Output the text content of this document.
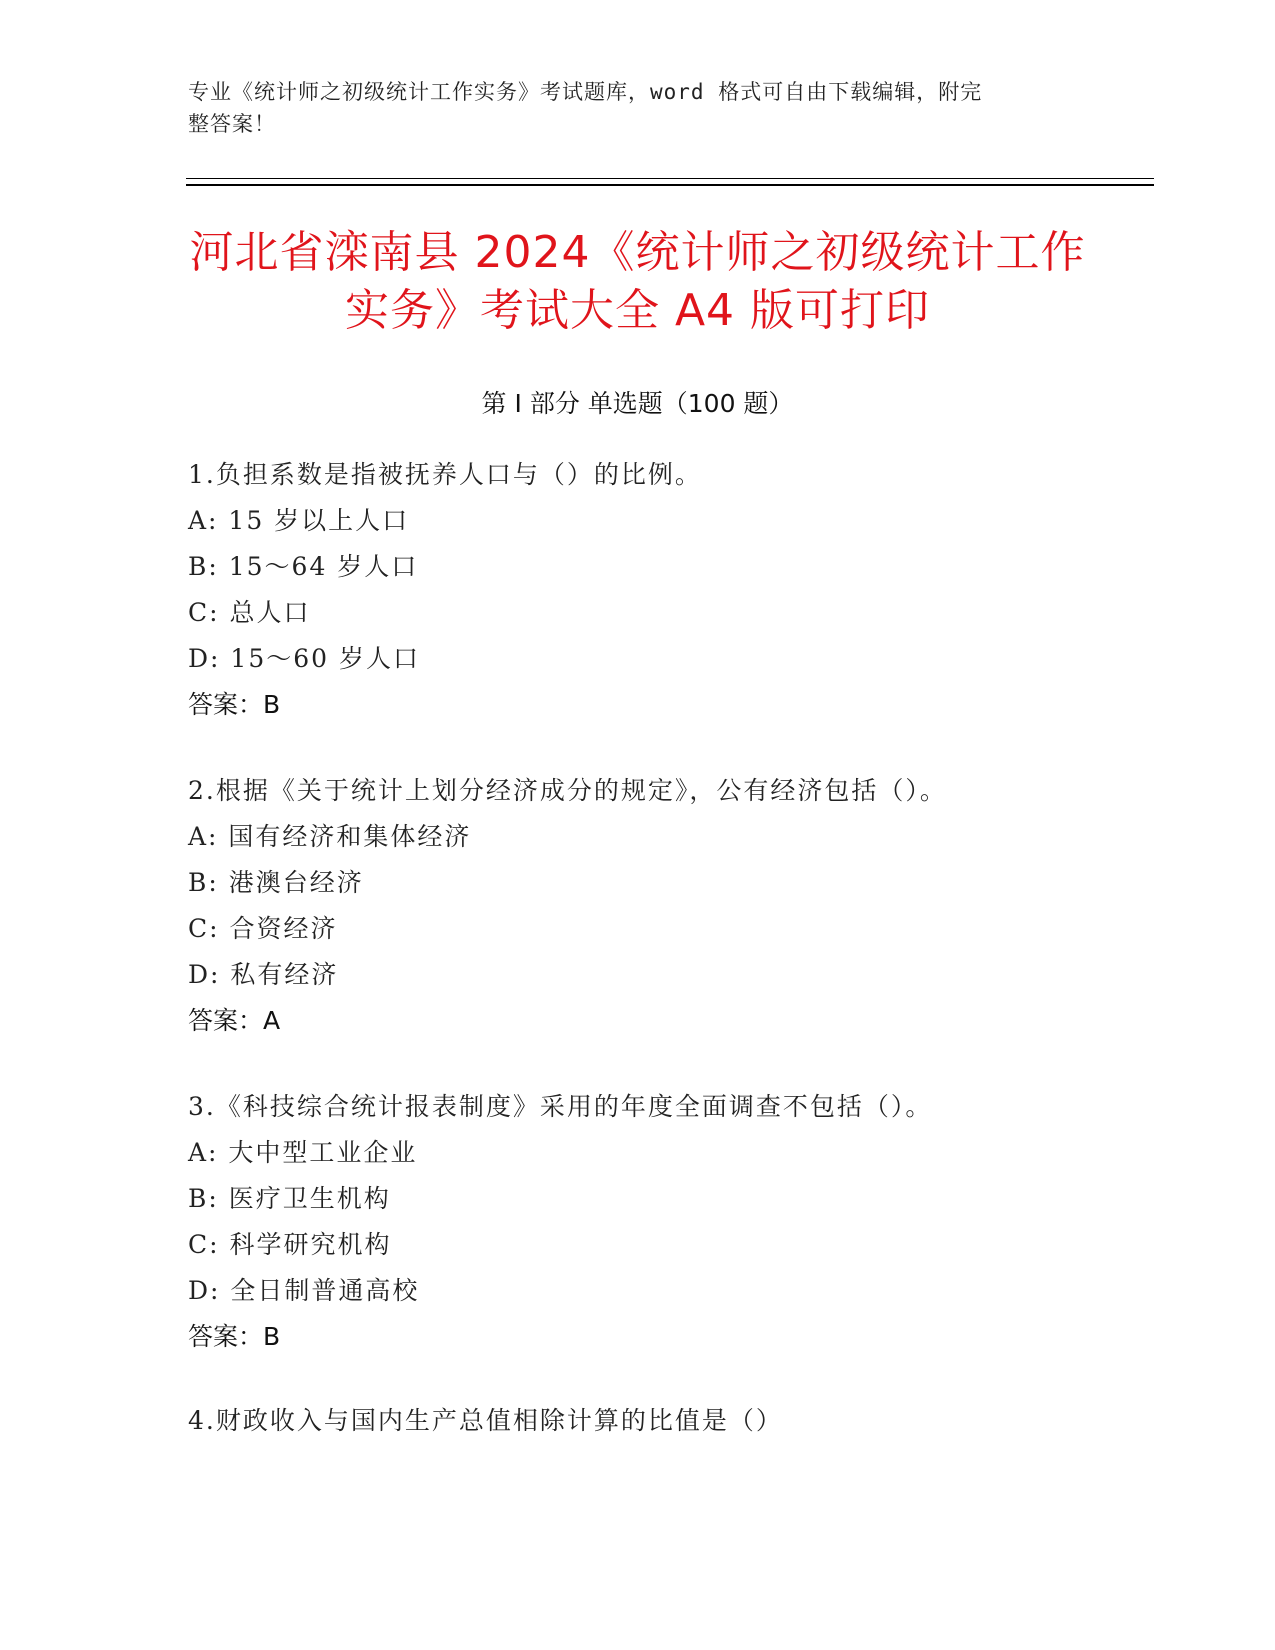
专业《统计师之初级统计工作实务》考试题库，word 格式可自由下载编辑，附完
整答案！
河北省滦南县 2024《统计师之初级统计工作
实务》考试大全 A4 版可打印
第 I 部分 单选题（100 题）
1.负担系数是指被抚养人口与（）的比例。
A: 15 岁以上人口
B: 15～64 岁人口
C: 总人口
D: 15～60 岁人口
答案：B
2.根据《关于统计上划分经济成分的规定》，公有经济包括（）。
A: 国有经济和集体经济
B: 港澳台经济
C: 合资经济
D: 私有经济
答案：A
3.《科技综合统计报表制度》采用的年度全面调查不包括（）。
A: 大中型工业企业
B: 医疗卫生机构
C: 科学研究机构
D: 全日制普通高校
答案：B
4.财政收入与国内生产总值相除计算的比值是（）
